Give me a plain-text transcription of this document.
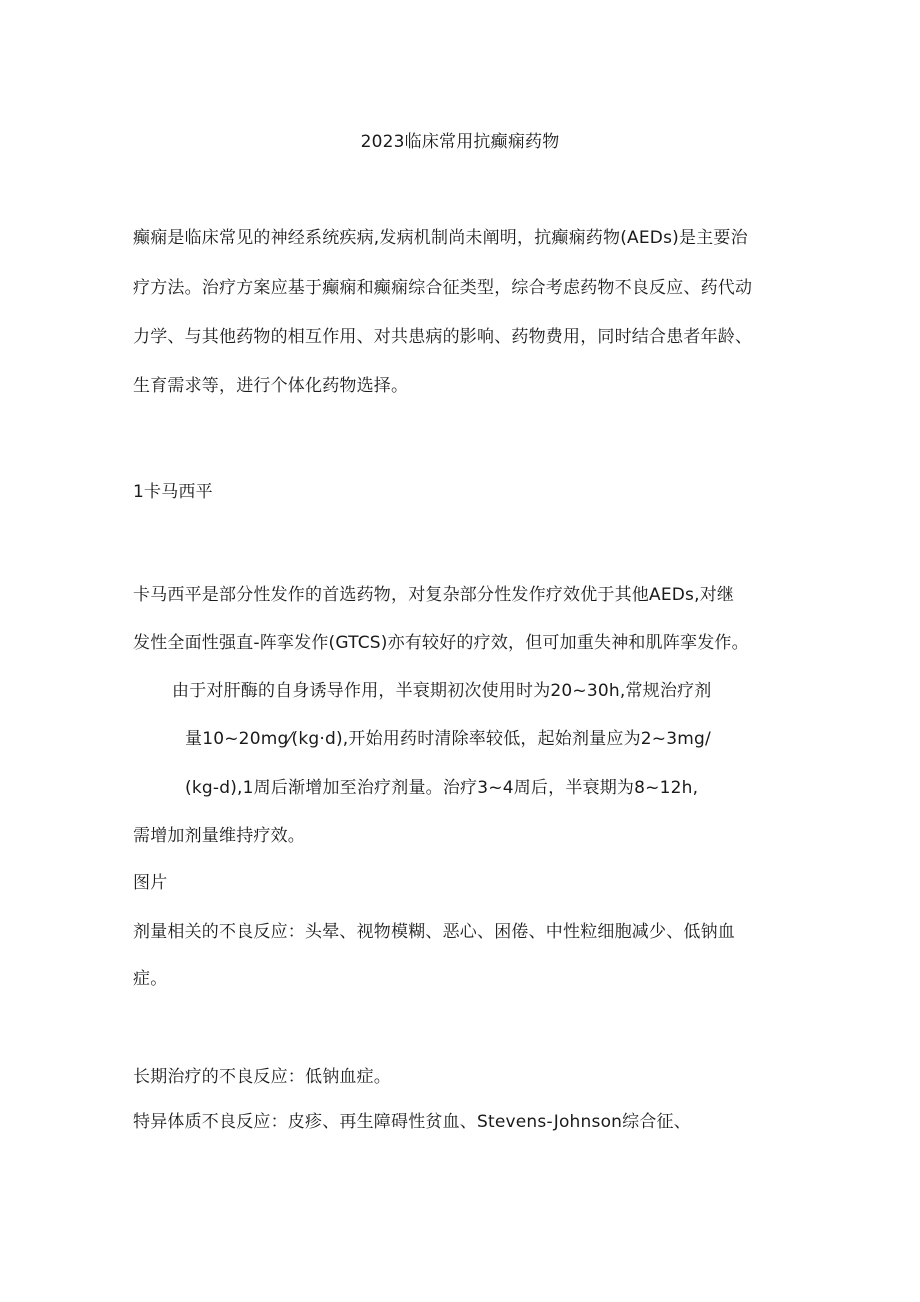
2023临床常用抗癫痫药物
癫痫是临床常见的神经系统疾病,发病机制尚未阐明，抗癫痫药物(AEDs)是主要治
疗方法。治疗方案应基于癫痫和癫痫综合征类型，综合考虑药物不良反应、药代动
力学、与其他药物的相互作用、对共患病的影响、药物费用，同时结合患者年龄、
生育需求等，进行个体化药物选择。
1卡马西平
卡马西平是部分性发作的首选药物，对复杂部分性发作疗效优于其他AEDs,对继
发性全面性强直-阵挛发作(GTCS)亦有较好的疗效，但可加重失神和肌阵挛发作。
由于对肝酶的自身诱导作用，半衰期初次使用时为20~30h,常规治疗剂
量10~20mg⁄(kg·d),开始用药时清除率较低，起始剂量应为2~3mg/
(kg-d),1周后渐增加至治疗剂量。治疗3~4周后，半衰期为8~12h,
需增加剂量维持疗效。
图片
剂量相关的不良反应：头晕、视物模糊、恶心、困倦、中性粒细胞减少、低钠血
症。
长期治疗的不良反应：低钠血症。
特异体质不良反应：皮疹、再生障碍性贫血、Stevens-Johnson综合征、
